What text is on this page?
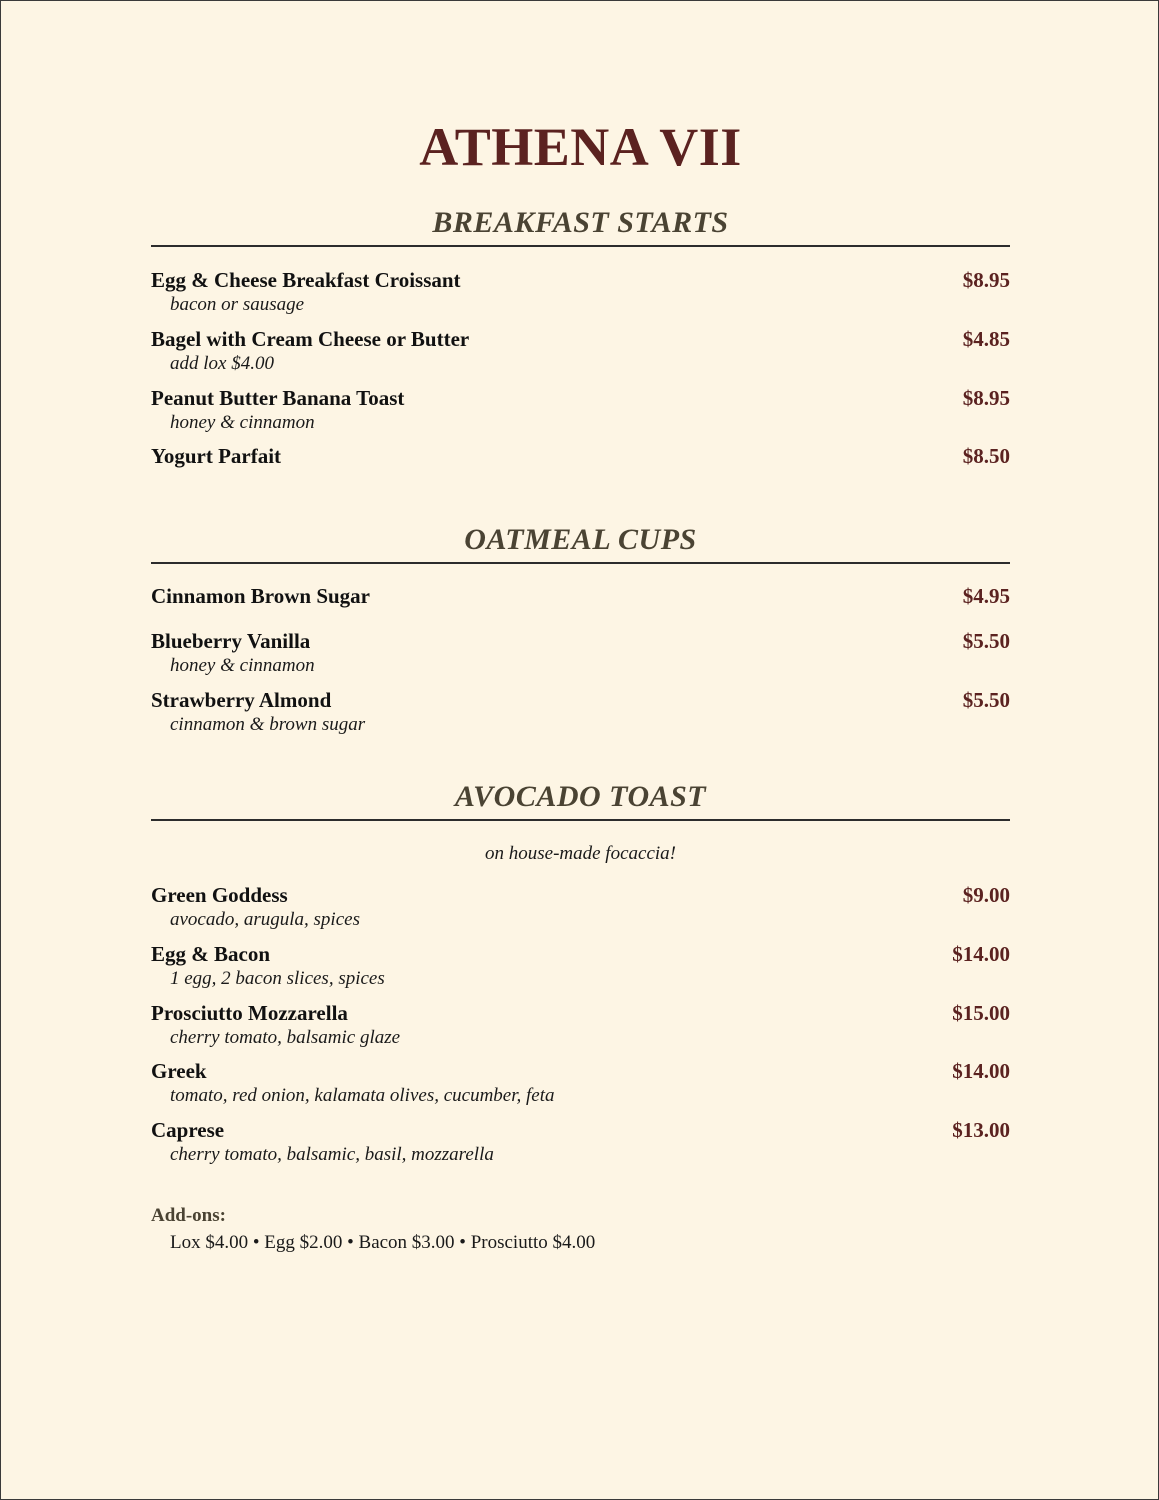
ATHENA VII
BREAKFAST STARTS
Egg & Cheese Breakfast Croissant	$8.95
bacon or sausage
Bagel with Cream Cheese or Butter	$4.85
add lox $4.00
Peanut Butter Banana Toast	$8.95
honey & cinnamon
Yogurt Parfait	$8.50
OATMEAL CUPS
Cinnamon Brown Sugar	$4.95
Blueberry Vanilla	$5.50
honey & cinnamon
Strawberry Almond	$5.50
cinnamon & brown sugar
AVOCADO TOAST
on house-made focaccia!
Green Goddess	$9.00
avocado, arugula, spices
Egg & Bacon	$14.00
1 egg, 2 bacon slices, spices
Prosciutto Mozzarella	$15.00
cherry tomato, balsamic glaze
Greek	$14.00
tomato, red onion, kalamata olives, cucumber, feta
Caprese	$13.00
cherry tomato, balsamic, basil, mozzarella
Add-ons:
Lox $4.00 • Egg $2.00 • Bacon $3.00 • Prosciutto $4.00
